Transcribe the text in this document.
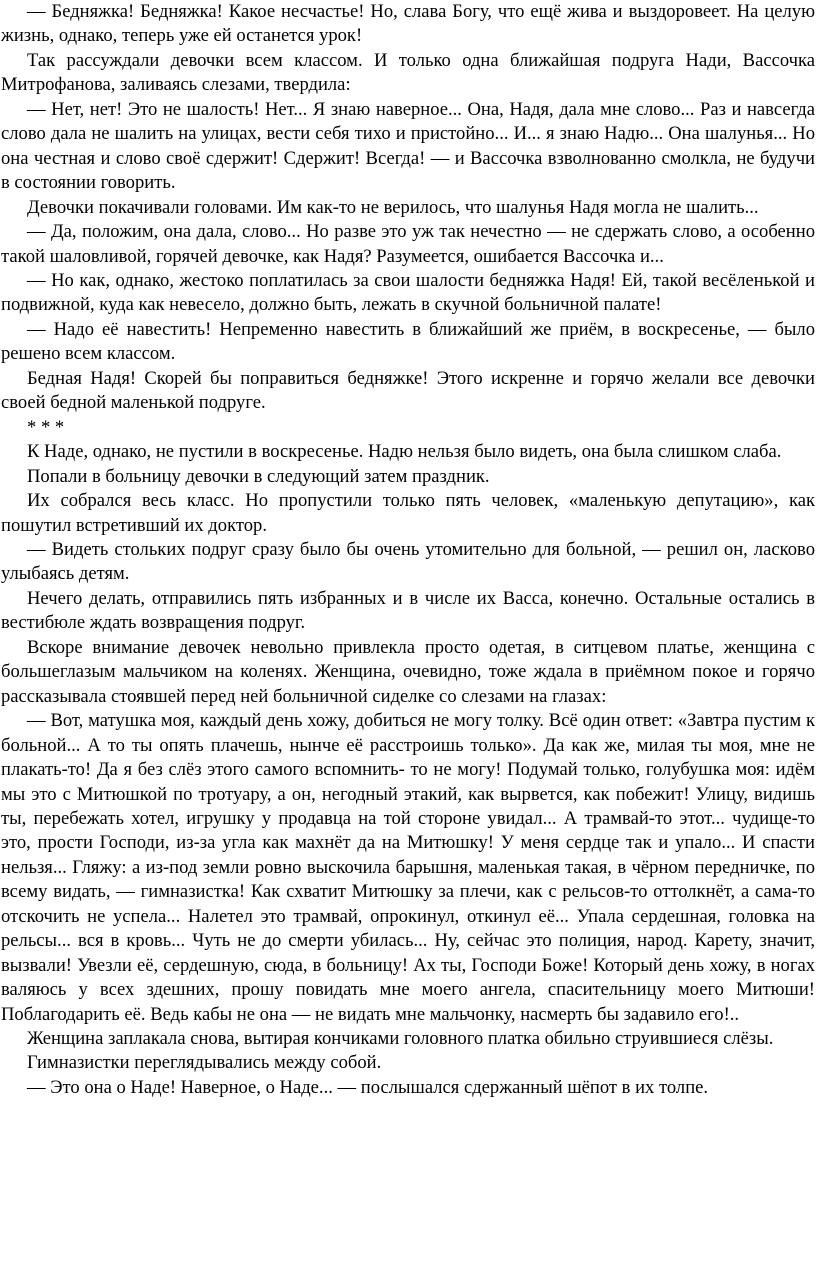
— Бедняжка! Бедняжка! Какое несчастье! Но, слава Богу, что ещё жива и выздоровеет. На целую жизнь, однако, теперь уже ей останется урок!

Так рассуждали девочки всем классом. И только одна ближайшая подруга Нади, Вассочка Митрофанова, заливаясь слезами, твердила:

— Нет, нет! Это не шалость! Нет... Я знаю наверное... Она, Надя, дала мне слово... Раз и навсегда слово дала не шалить на улицах, вести себя тихо и пристойно... И... я знаю Надю... Она шалунья... Но она честная и слово своё сдержит! Сдержит! Всегда! — и Вассочка взволнованно смолкла, не будучи в состоянии говорить.

Девочки покачивали головами. Им как-то не верилось, что шалунья Надя могла не шалить...

— Да, положим, она дала, слово... Но разве это уж так нечестно — не сдержать слово, а особенно такой шаловливой, горячей девочке, как Надя? Разумеется, ошибается Вассочка и...

— Но как, однако, жестоко поплатилась за свои шалости бедняжка Надя! Ей, такой весёленькой и подвижной, куда как невесело, должно быть, лежать в скучной больничной палате!

— Надо её навестить! Непременно навестить в ближайший же приём, в воскресенье, — было решено всем классом.

Бедная Надя! Скорей бы поправиться бедняжке! Этого искренне и горячо желали все девочки своей бедной маленькой подруге.

* * *

К Наде, однако, не пустили в воскресенье. Надю нельзя было видеть, она была слишком слаба.

Попали в больницу девочки в следующий затем праздник.

Их собрался весь класс. Но пропустили только пять человек, «маленькую депутацию», как пошутил встретивший их доктор.

— Видеть стольких подруг сразу было бы очень утомительно для больной, — решил он, ласково улыбаясь детям.

Нечего делать, отправились пять избранных и в числе их Васса, конечно. Остальные остались в вестибюле ждать возвращения подруг.

Вскоре внимание девочек невольно привлекла просто одетая, в ситцевом платье, женщина с большеглазым мальчиком на коленях. Женщина, очевидно, тоже ждала в приёмном покое и горячо рассказывала стоявшей перед ней больничной сиделке со слезами на глазах:

— Вот, матушка моя, каждый день хожу, добиться не могу толку. Всё один ответ: «Завтра пустим к больной... А то ты опять плачешь, нынче её расстроишь только». Да как же, милая ты моя, мне не плакать-то! Да я без слёз этого самого вспомнить- то не могу! Подумай только, голубушка моя: идём мы это с Митюшкой по тротуару, а он, негодный этакий, как вырвется, как побежит! Улицу, видишь ты, перебежать хотел, игрушку у продавца на той стороне увидал... А трамвай-то этот... чудище-то это, прости Господи, из-за угла как махнёт да на Митюшку! У меня сердце так и упало... И спасти нельзя... Гляжу: а из-под земли ровно выскочила барышня, маленькая такая, в чёрном передничке, по всему видать, — гимназистка! Как схватит Митюшку за плечи, как с рельсов-то оттолкнёт, а сама-то отскочить не успела... Налетел это трамвай, опрокинул, откинул её... Упала сердешная, головка на рельсы... вся в кровь... Чуть не до смерти убилась... Ну, сейчас это полиция, народ. Карету, значит, вызвали! Увезли её, сердешную, сюда, в больницу! Ах ты, Господи Боже! Который день хожу, в ногах валяюсь у всех здешних, прошу повидать мне моего ангела, спасительницу моего Митюши! Поблагодарить её. Ведь кабы не она — не видать мне мальчонку, насмерть бы задавило его!..

Женщина заплакала снова, вытирая кончиками головного платка обильно струившиеся слёзы.

Гимназистки переглядывались между собой.

— Это она о Наде! Наверное, о Наде... — послышался сдержанный шёпот в их толпе.
